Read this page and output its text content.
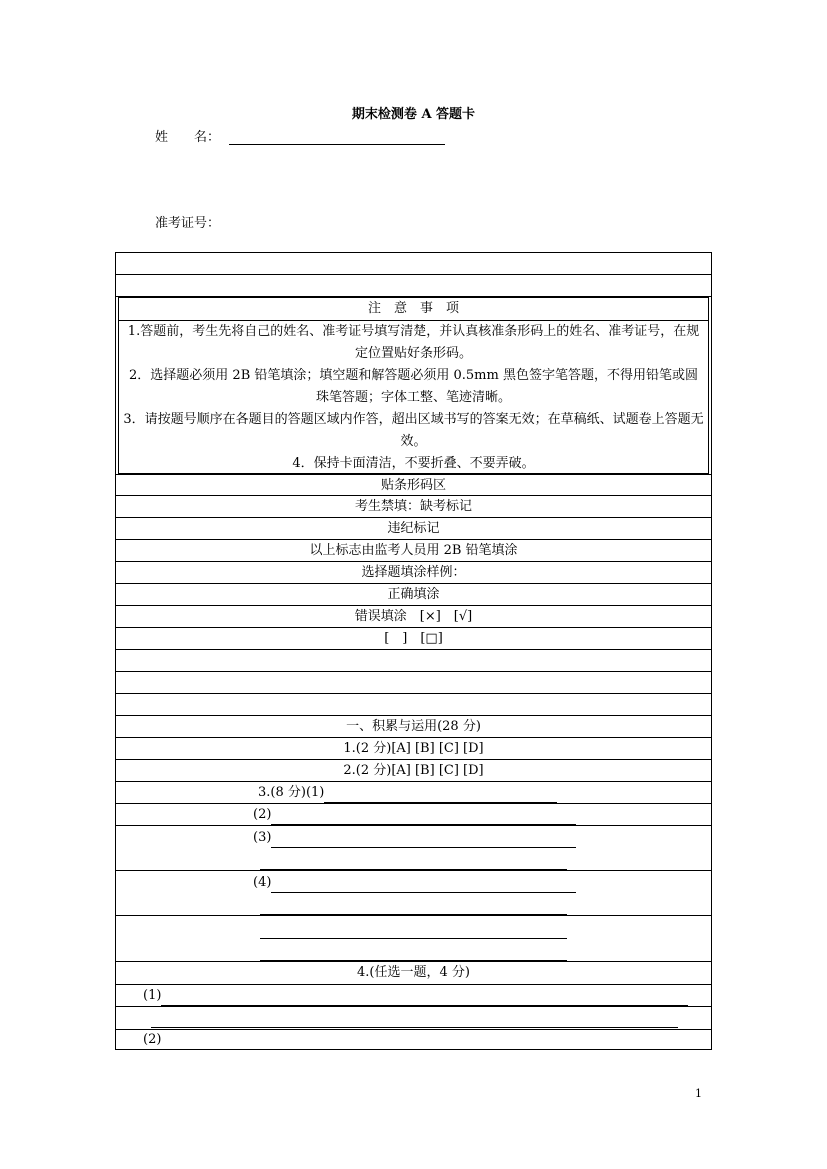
期末检测卷 A 答题卡
姓　　名：
准考证号：
注　意　事　项

1.答题前，考生先将自己的姓名、准考证号填写清楚，并认真核准条形码上的姓名、准考证号，在规定位置贴好条形码。

2．选择题必须用 2B 铅笔填涂；填空题和解答题必须用 0.5mm 黑色签字笔答题，不得用铅笔或圆珠笔答题；字体工整、笔迹清晰。

3．请按题号顺序在各题目的答题区域内作答，超出区域书写的答案无效；在草稿纸、试题卷上答题无效。

4．保持卡面清洁，不要折叠、不要弄破。

贴条形码区
考生禁填：缺考标记
违纪标记
以上标志由监考人员用 2B 铅笔填涂
选择题填涂样例：
正确填涂
错误填涂　[×]　[√]
[　]　[□]
一、积累与运用(28 分)
1.(2 分)[A] [B] [C] [D]
2.(2 分)[A] [B] [C] [D]
3.(8 分)(1)
(2)
(3)
(4)
4.(任选一题，4 分)
(1)
(2)
1
